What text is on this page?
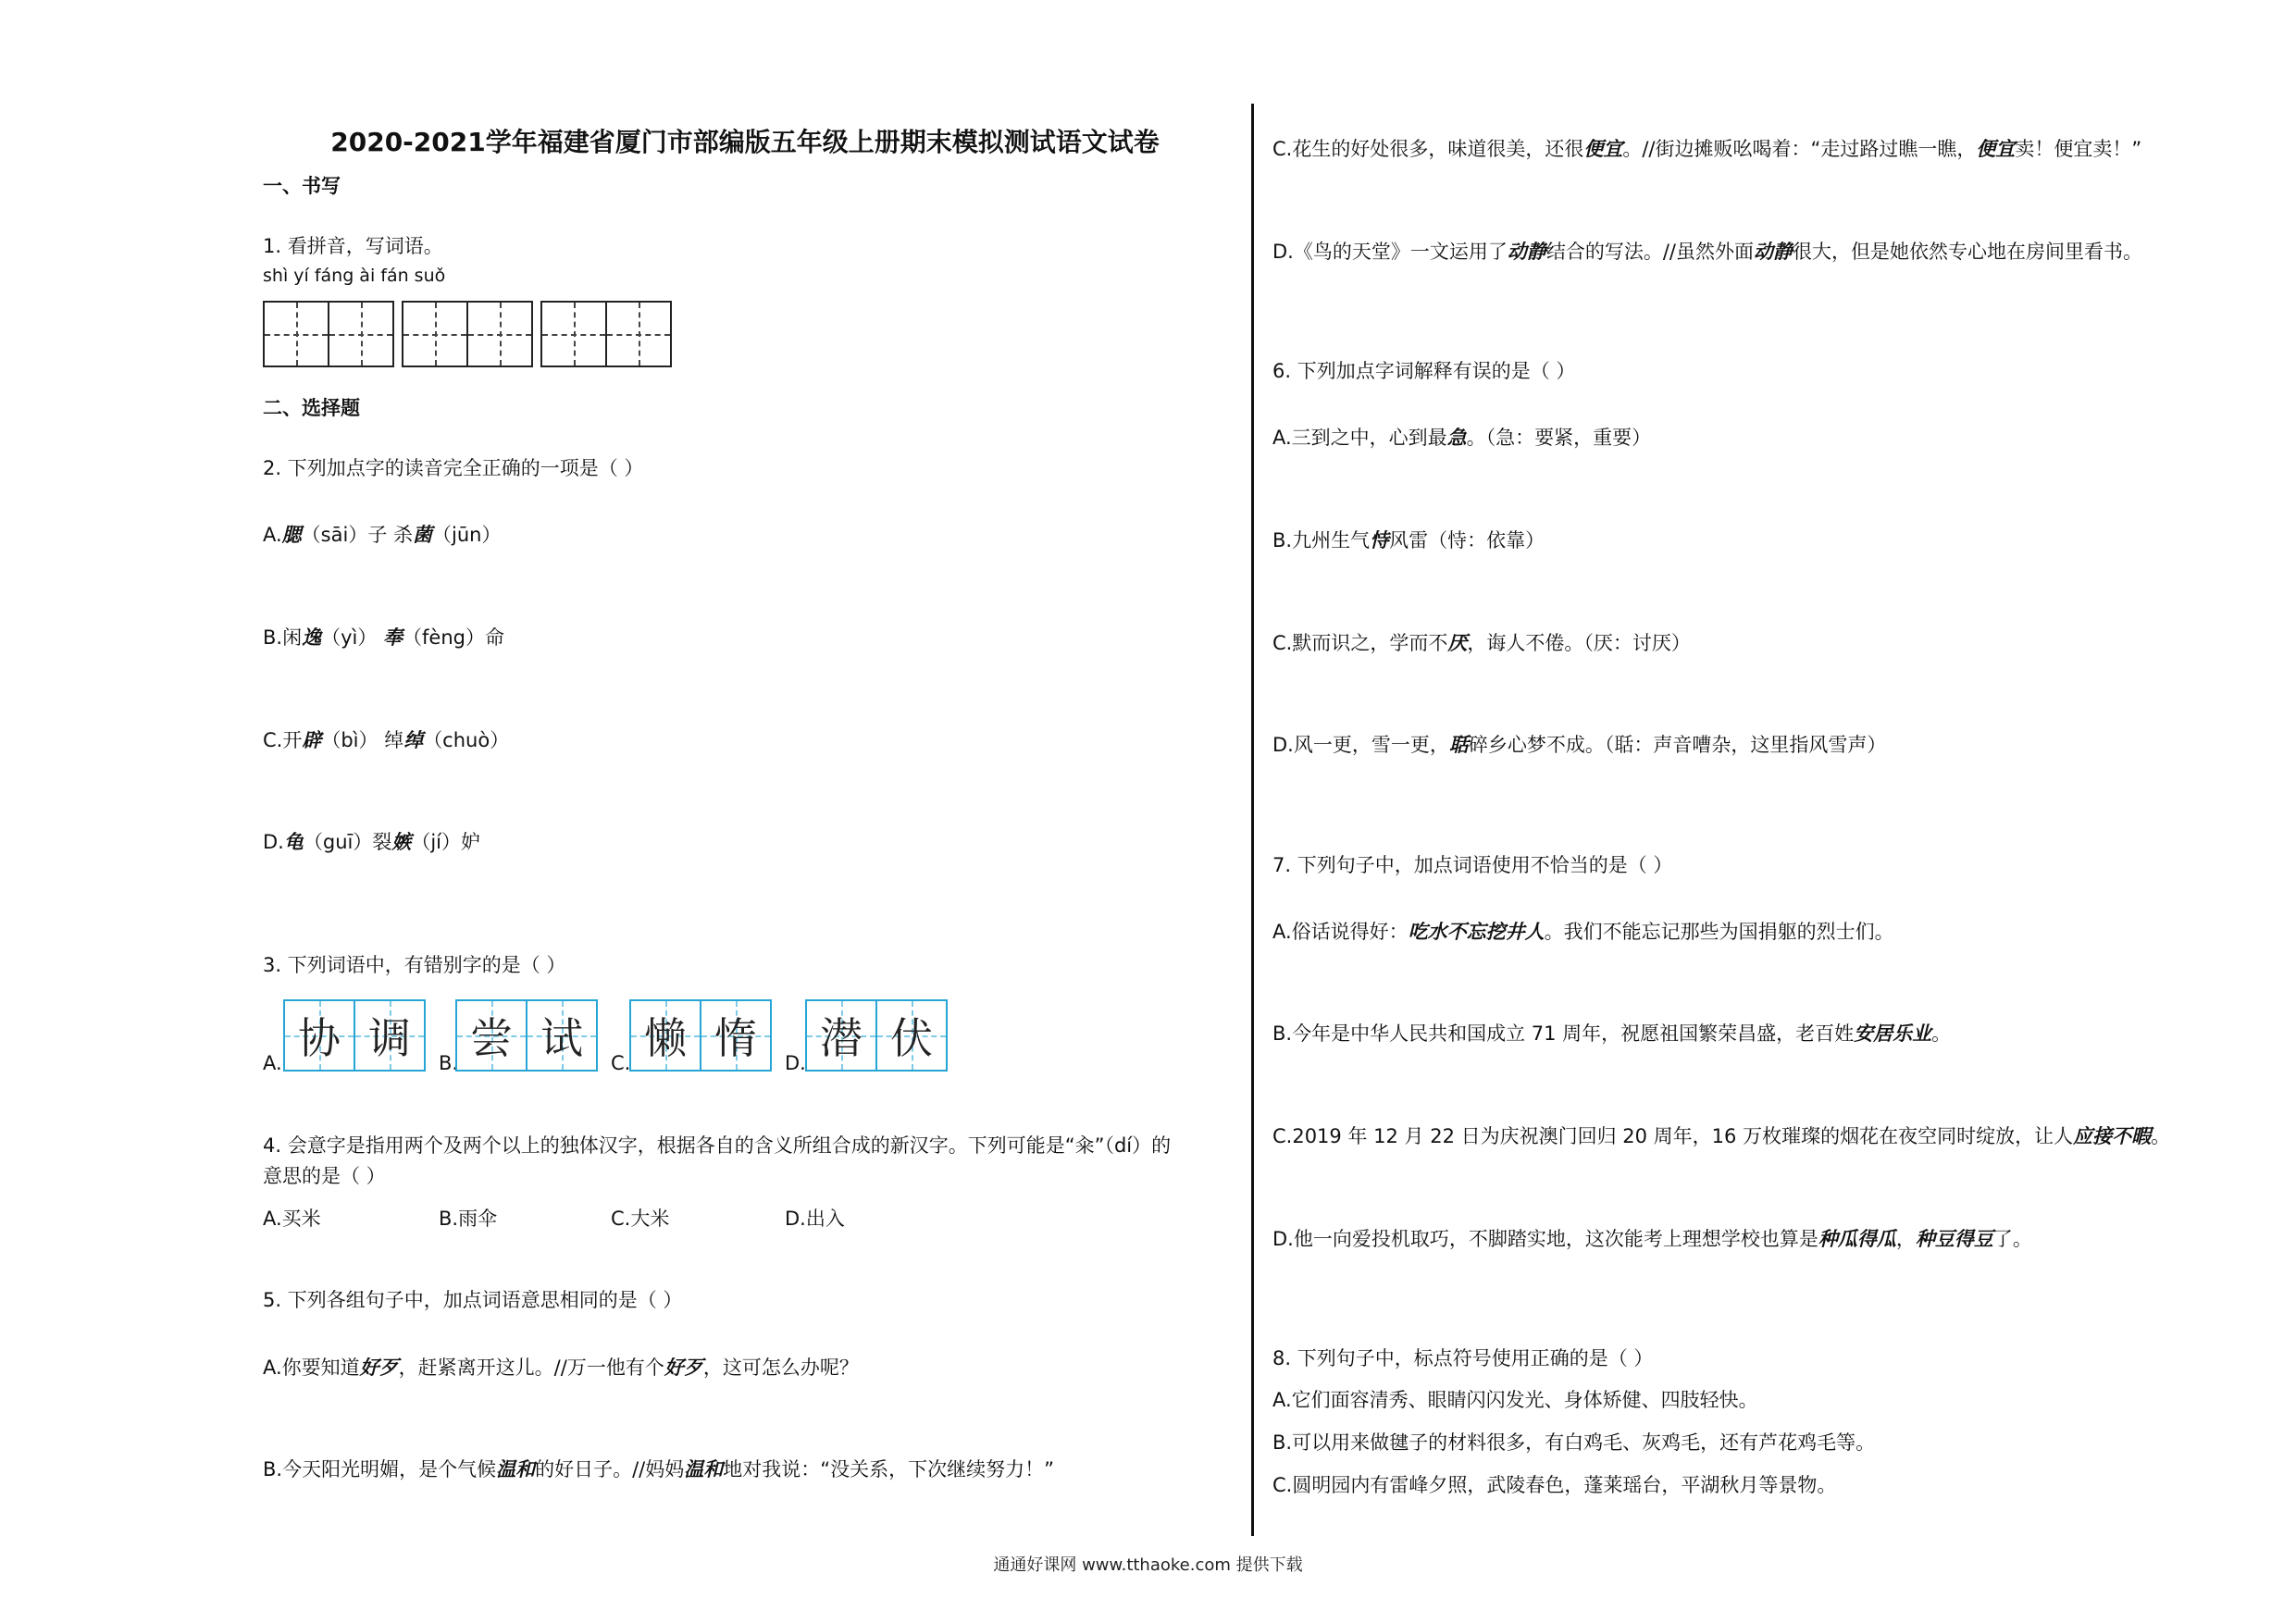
2020-2021学年福建省厦门市部编版五年级上册期末模拟测试语文试卷
一、书写
1. 看拼音，写词语。
shì yí fáng ài fán suǒ
二、选择题
2. 下列加点字的读音完全正确的一项是（ ）
A.腮（sāi）子 杀菌（jūn）
B.闲逸（yì） 奉（fèng）命
C.开辟（bì） 绰绰（chuò）
D.龟（guī）裂嫉（jí）妒
3. 下列词语中，有错别字的是（ ）
A. 协 调 B. 尝 试 C. 懒 惰 D. 潜 伏
4. 会意字是指用两个及两个以上的独体汉字，根据各自的含义所组合成的新汉字。下列可能是“籴”（dí）的
意思的是（ ）
A.买米	B.雨伞	C.大米	D.出入
5. 下列各组句子中，加点词语意思相同的是（ ）
A.你要知道好歹，赶紧离开这儿。//万一他有个好歹，这可怎么办呢？
B.今天阳光明媚，是个气候温和的好日子。//妈妈温和地对我说：“没关系，下次继续努力！”
C.花生的好处很多，味道很美，还很便宜。//街边摊贩吆喝着：“走过路过瞧一瞧，便宜卖！便宜卖！”
D.《鸟的天堂》一文运用了动静结合的写法。//虽然外面动静很大，但是她依然专心地在房间里看书。
6. 下列加点字词解释有误的是（ ）
A.三到之中，心到最急。（急：要紧，重要）
B.九州生气恃风雷（恃：依靠）
C.默而识之，学而不厌，诲人不倦。（厌：讨厌）
D.风一更，雪一更，聒碎乡心梦不成。（聒：声音嘈杂，这里指风雪声）
7. 下列句子中，加点词语使用不恰当的是（ ）
A.俗话说得好：吃水不忘挖井人。我们不能忘记那些为国捐躯的烈士们。
B.今年是中华人民共和国成立 71 周年，祝愿祖国繁荣昌盛，老百姓安居乐业。
C.2019 年 12 月 22 日为庆祝澳门回归 20 周年，16 万枚璀璨的烟花在夜空同时绽放，让人应接不暇。
D.他一向爱投机取巧，不脚踏实地，这次能考上理想学校也算是种瓜得瓜，种豆得豆了。
8. 下列句子中，标点符号使用正确的是（ ）
A.它们面容清秀、眼睛闪闪发光、身体矫健、四肢轻快。
B.可以用来做毽子的材料很多，有白鸡毛、灰鸡毛，还有芦花鸡毛等。
C.圆明园内有雷峰夕照，武陵春色，蓬莱瑶台，平湖秋月等景物。
通通好课网 www.tthaoke.com 提供下载
